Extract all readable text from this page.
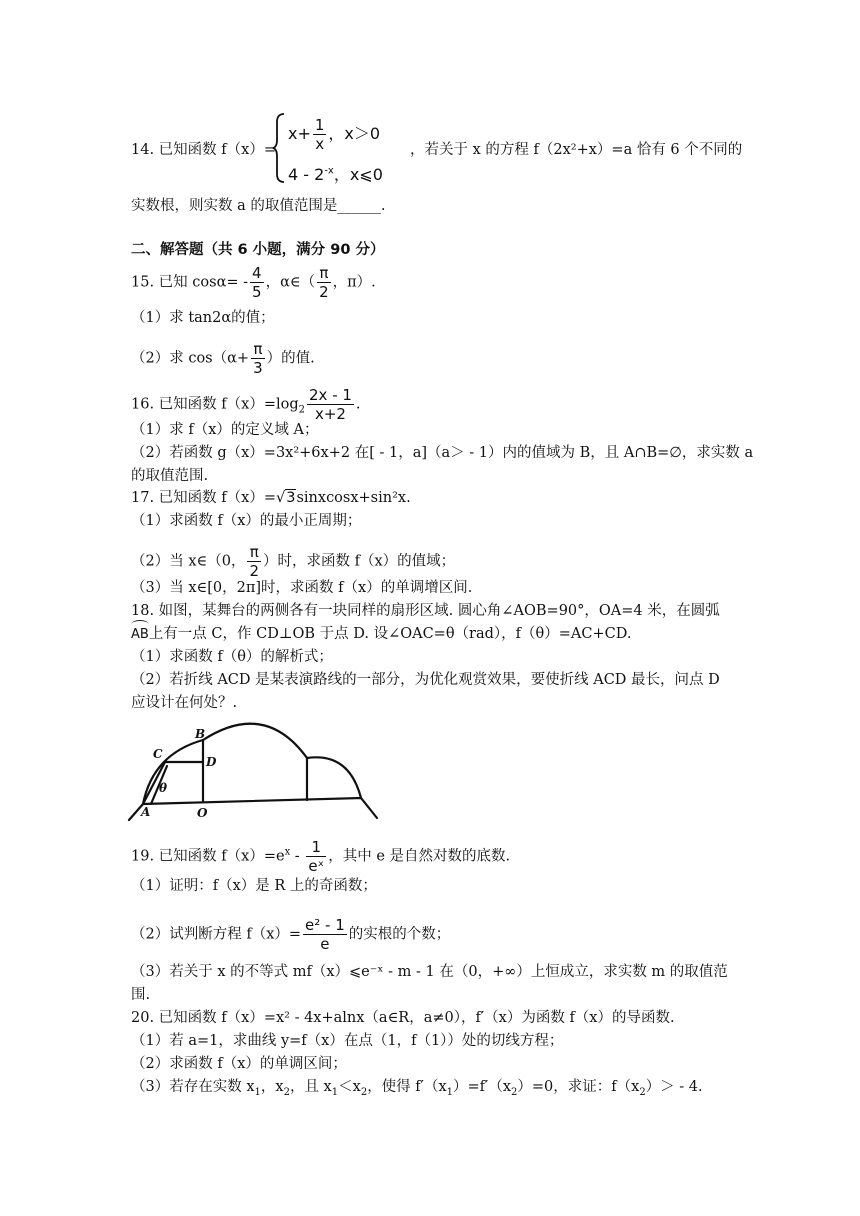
14. 已知函数 f（x）=
$x+ \frac{1}{x}$ ，x＞0
$4 - 2^{-x}$，x⩽0
，若关于 x 的方程 f（2x²+x）=a 恰有 6 个不同的
实数根，则实数 a 的取值范围是______.
二、解答题（共 6 小题，满分 90 分）
15. 已知 $\cos\alpha= - \frac{4}{5}$ ，α∈（ $\frac{\pi}{2}$ ，π）.
（1）求 tan2α的值；
（2）求 $\cos(\alpha+ \frac{\pi}{3}$ ）的值.
16. 已知函数 $f(x)=\log_2 \frac{2x - 1}{x+2}$ .
（1）求 f（x）的定义域 A；
（2）若函数 g（x）=3x²+6x+2 在[ - 1，a]（a＞ - 1）内的值域为 B，且 A∩B=∅，求实数 a
的取值范围.
17. 已知函数 f（x）=√3sinxcosx+sin²x.
（1）求函数 f（x）的最小正周期；
（2）当 x∈（0， $\frac{\pi}{2}$ ）时，求函数 f（x）的值域；
（3）当 x∈[0，2π]时，求函数 f（x）的单调增区间.
18. 如图，某舞台的两侧各有一块同样的扇形区域. 圆心角∠AOB=90°，OA=4 米，在圆弧
AB上有一点 C，作 CD⊥OB 于点 D. 设∠OAC=θ（rad），f（θ）=AC+CD.
（1）求函数 f（θ）的解析式；
（2）若折线 ACD 是某表演路线的一部分，为优化观赏效果，要使折线 ACD 最长，问点 D
应设计在何处？.
C
B
D
θ
A	O
19. 已知函数 $f(x)=e^x - \frac{1}{\text{eˣ}}$ ，其中 e 是自然对数的底数.
（1）证明：f（x）是 R 上的奇函数；
（2）试判断方程 $f(x)= \frac{\text{e² - 1}}{e}$ 的实根的个数；
（3）若关于 x 的不等式 mf（x）⩽e⁻ˣ - m - 1 在（0，+∞）上恒成立，求实数 m 的取值范
围.
20. 已知函数 f（x）=x² - 4x+alnx（a∈R，a≠0），f′（x）为函数 f（x）的导函数.
（1）若 a=1，求曲线 y=f（x）在点（1，f（1））处的切线方程；
（2）求函数 f（x）的单调区间；
（3）若存在实数 $x_1$，$x_2$，且 $x_1<x_2$，使得 $f'(x_1)=f'(x_2)=0$，求证：$f(x_2)> - 4$.
